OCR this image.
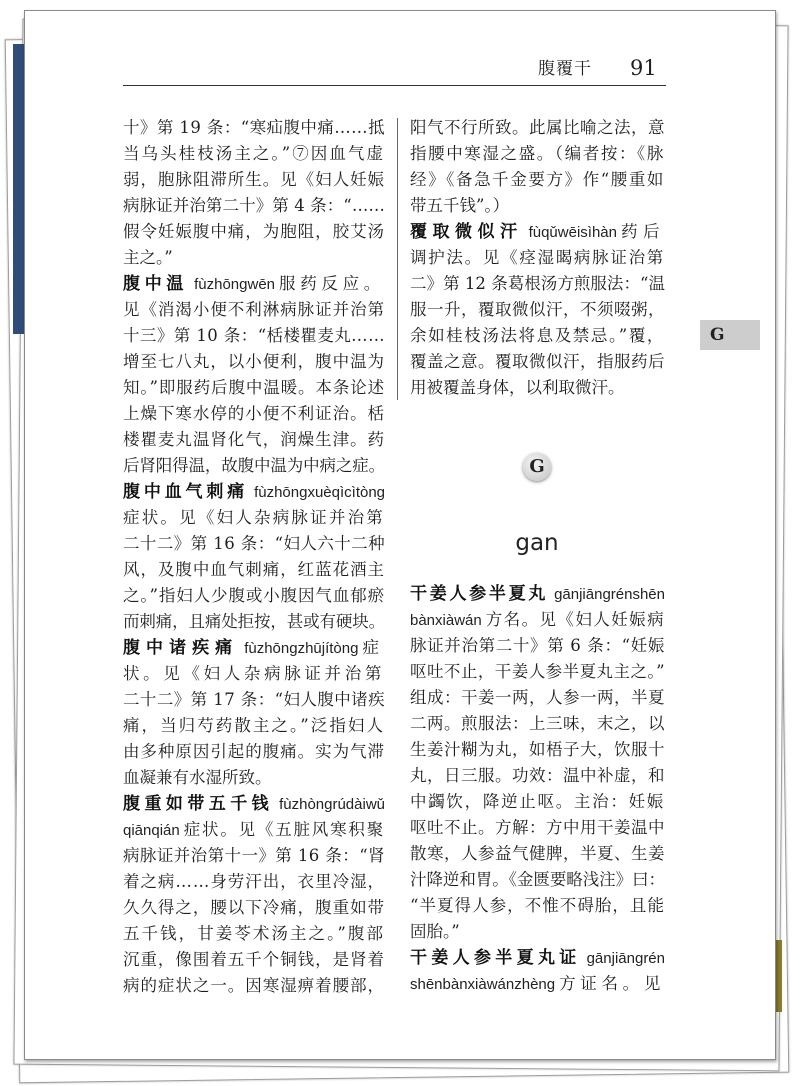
腹覆干 91
十》第 19 条：“寒疝腹中痛……抵
当乌头桂枝汤主之。”⑦因血气虚
弱，胞脉阻滞所生。见《妇人妊娠
病脉证并治第二十》第 4 条：“……
假令妊娠腹中痛，为胞阻，胶艾汤
主之。”
腹中温 fùzhōngwēn 服药反应。
见《消渴小便不利淋病脉证并治第
十三》第 10 条：“栝楼瞿麦丸……
增至七八丸，以小便利，腹中温为
知。”即服药后腹中温暖。本条论述
上燥下寒水停的小便不利证治。栝
楼瞿麦丸温肾化气，润燥生津。药
后肾阳得温，故腹中温为中病之症。
腹中血气刺痛 fùzhōngxuèqìcìtòng
症状。见《妇人杂病脉证并治第
二十二》第 16 条：“妇人六十二种
风，及腹中血气刺痛，红蓝花酒主
之。”指妇人少腹或小腹因气血郁瘀
而刺痛，且痛处拒按，甚或有硬块。
腹中诸疾痛 fùzhōngzhūjítòng 症
状。见《妇人杂病脉证并治第
二十二》第 17 条：“妇人腹中诸疾
痛，当归芍药散主之。”泛指妇人
由多种原因引起的腹痛。实为气滞
血凝兼有水湿所致。
腹重如带五千钱 fùzhòngrúdàiwǔ
qiānqián 症状。见《五脏风寒积聚
病脉证并治第十一》第 16 条：“肾
着之病……身劳汗出，衣里冷湿，
久久得之，腰以下冷痛，腹重如带
五千钱，甘姜苓术汤主之。”腹部
沉重，像围着五千个铜钱，是肾着
病的症状之一。因寒湿痹着腰部，
阳气不行所致。此属比喻之法，意
指腰中寒湿之盛。（编者按：《脉
经》《备急千金要方》作“腰重如
带五千钱”。）
覆取微似汗 fùqǔwēisìhàn 药后
调护法。见《痉湿暍病脉证治第
二》第 12 条葛根汤方煎服法：“温
服一升，覆取微似汗，不须啜粥，
余如桂枝汤法将息及禁忌。”覆，
覆盖之意。覆取微似汗，指服药后
用被覆盖身体，以利取微汗。
G
gan
干姜人参半夏丸 gānjiāngrénshēn
bànxiàwán 方名。见《妇人妊娠病
脉证并治第二十》第 6 条：“妊娠
呕吐不止，干姜人参半夏丸主之。”
组成：干姜一两，人参一两，半夏
二两。煎服法：上三味，末之，以
生姜汁糊为丸，如梧子大，饮服十
丸，日三服。功效：温中补虚，和
中蠲饮，降逆止呕。主治：妊娠
呕吐不止。方解：方中用干姜温中
散寒，人参益气健脾，半夏、生姜
汁降逆和胃。《金匮要略浅注》曰：
“半夏得人参，不惟不碍胎，且能
固胎。”
干姜人参半夏丸证 gānjiāngrén
shēnbànxiàwánzhèng 方证名。见
G
